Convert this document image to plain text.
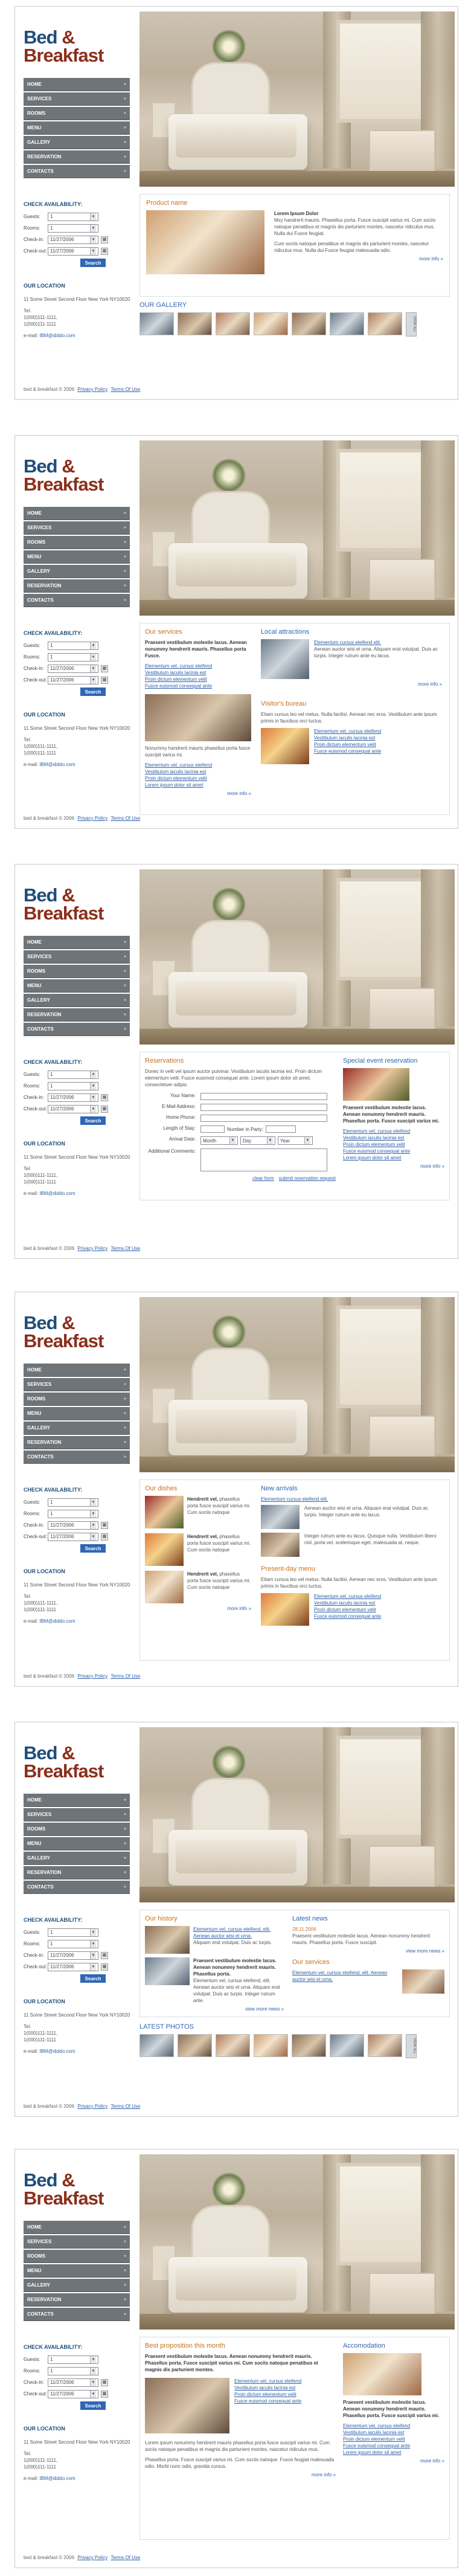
Bed &
Breakfast
HOME	»
SERVICES	»
ROOMS	»
MENU	»
GALLERY	»
RESERVATION	»
CONTACTS	»
CHECK AVAILABILITY:
Guests:	1	▼
Rooms:	1	▼
Check-in:	11/27/2006	▼	▦
Check-out: 11/27/2006	▼	▦
Search
OUR LOCATION

11 Some Street Second Floor New York NY10020

Tel.
1(000)111-1111,
1(000)111-1111

e-mail: IBM@diddo.com

Product name
Lorem Ipsum Dolor
Mxy handrerit mauris. Phasellus porta. Fusce suscipit varius mi. Cum sociis natoque penatibus et magnis dis parturient montes, nascetur ridiculus mus. Nulla dui Fusce feugiat.
Cum sociis natoque penatibus et magnis dis parturient montes, nascetur ridiculus mus. Nulla dui Fusce feugiat malesuada odio.
more info »
OUR GALLERY
VIEW ALL
bed & breakfast © 2006 Privacy Policy Terms Of Use
Bed &
Breakfast
HOME	»
SERVICES	»
ROOMS	»
MENU	»
GALLERY	»
RESERVATION	»
CONTACTS	»
CHECK AVAILABILITY:
Guests:	1	▼
Rooms:	1	▼
Check-in:	11/27/2006	▼	▦
Check-out: 11/27/2006	▼	▦
Search
OUR LOCATION

11 Some Street Second Floor New York NY10020

Tel.
1(000)111-1111,
1(000)111-1111

e-mail: IBM@diddo.com

Our services
Praesent vestibulum molestie lacus. Aenean nonummy hendrerit mauris. Phasellus porta Fusce.
Elementum vel, cursus eleifend
Vestibulum iaculis lacinia est
Proin dictum elementum velit
Fusce euismod consequat ante
Nonummy handrerit mauris phasellus porta fusce suscipit varius mi.
Elementum vel, cursus eleifend
Vestibulum iaculis lacinia est
Proin dictum elementum velit
Lorem ipsum dolor sit amet
more info »
Local attractions
Elementum cursus eleifend elit.
Aenean auctor wisi et urna. Aliquam erat volutpat. Duis ac turpis. Integer rutrum ante eu lacus.
more info »
Visitor's bureau
Etiam cursus leo vel metus. Nulla facilisi. Aenean nec eros. Vestibulum ante ipsum primis in faucibus orci luctus.
Elementum vel, cursus eleifend
Vestibulum iaculis lacinia est
Proin dictum elementum velit
Fusce euismod consequat ante
bed & breakfast © 2006 Privacy Policy Terms Of Use
Bed &
Breakfast
HOME	»
SERVICES	»
ROOMS	»
MENU	»
GALLERY	»
RESERVATION	»
CONTACTS	»
CHECK AVAILABILITY:
Guests:	1	▼
Rooms:	1	▼
Check-in:	11/27/2006	▼	▦
Check-out: 11/27/2006	▼	▦
Search
OUR LOCATION

11 Some Street Second Floor New York NY10020

Tel.
1(000)111-1111,
1(000)111-1111

e-mail: IBM@diddo.com

Reservations
Donec in velit vel ipsum auctor pulvinar. Vestibulum iaculis lacinia est. Proin dictum elementum velit. Fusce euismod consequat ante. Lorem ipsum dolor sit amet, consectetuer adipis.
Your Name:
E-Mail Address:
Home Phone:
Length of Stay:	Number in Party:
Arrival Date: Month	▼ Day	▼ Year	▼
Additional Comments:
clear form submit reservation request
Special event reservation
Praesent vestibulum molestie lacus. Aenean nonummy hendrerit mauris. Phasellus porta. Fusce suscipit varius mi.
Elementum vel, cursus eleifend
Vestibulum iaculis lacinia est
Proin dictum elementum velit
Fusce euismod consequat ante
Lorem ipsum dolor sit amet
more info »
bed & breakfast © 2006 Privacy Policy Terms Of Use
Bed &
Breakfast
HOME	»
SERVICES	»
ROOMS	»
MENU	»
GALLERY	»
RESERVATION	»
CONTACTS	»
CHECK AVAILABILITY:
Guests:	1	▼
Rooms:	1	▼
Check-in:	11/27/2006	▼	▦
Check-out: 11/27/2006	▼	▦
Search
OUR LOCATION

11 Some Street Second Floor New York NY10020

Tel.
1(000)111-1111,
1(000)111-1111

e-mail: IBM@diddo.com

Our dishes
Hendrerit vel, phasellus porta fusce suscipit varius mi. Cum sociis natoque
Hendrerit vel, phasellus porta fusce suscipit varius mi. Cum sociis natoque
Hendrerit vel, phasellus porta fusce suscipit varius mi. Cum sociis natoque
more info »
New arrivals
Elementum cursus eleifend elit.
Aenean auctor wisi et urna. Aliquam erat volutpat. Duis ac turpis. Integer rutrum ante eu lacus.
Integer rutrum ante eu lacus. Quisque nulla. Vestibulum libero nisl, porta vel, scelerisque eget, malesuada at, neque.
Present-day menu
Etiam cursus leo vel metus. Nulla facilisi. Aenean nec eros. Vestibulum ante ipsum primis in faucibus orci luctus.
Elementum vel, cursus eleifend
Vestibulum iaculis lacinia est
Proin dictum elementum velit
Fusce euismod consequat ante
bed & breakfast © 2006 Privacy Policy Terms Of Use
Bed &
Breakfast
HOME	»
SERVICES	»
ROOMS	»
MENU	»
GALLERY	»
RESERVATION	»
CONTACTS	»
CHECK AVAILABILITY:
Guests:	1	▼
Rooms:	1	▼
Check-in:	11/27/2006	▼	▦
Check-out: 11/27/2006	▼	▦
Search
OUR LOCATION

11 Some Street Second Floor New York NY10020

Tel.
1(000)111-1111,
1(000)111-1111

e-mail: IBM@diddo.com

Our history
Elementum vel, cursus eleifend, elit. Aenean auctor wisi et urna.
Aliquam erat volutpat. Duis ac turpis.
Praesent vestibulum molestie lacus. Aenean nonummy hendrerit mauris. Phasellus porta.
Elementum vel, cursus eleifend, elit. Aenean auctor wisi et urna. Aliquam erat volutpat. Duis ac turpis. Integer rutrum ante.
view more news »
Latest news
28.11.2006
Praesent vestibulum molestie lacus. Aenean nonummy hendrerit mauris. Phasellus porta. Fusce suscipit.
view more news »
Our services
Elementum vel, cursus eleifend, elit. Aenean auctor wisi et urna.
LATEST PHOTOS
VIEW ALL
bed & breakfast © 2006 Privacy Policy Terms Of Use
Bed &
Breakfast
HOME	»
SERVICES	»
ROOMS	»
MENU	»
GALLERY	»
RESERVATION	»
CONTACTS	»
CHECK AVAILABILITY:
Guests:	1	▼
Rooms:	1	▼
Check-in:	11/27/2006	▼	▦
Check-out: 11/27/2006	▼	▦
Search
OUR LOCATION

11 Some Street Second Floor New York NY10020

Tel.
1(000)111-1111,
1(000)111-1111

e-mail: IBM@diddo.com

Best proposition this month
Praesent vestibulum molestie lacus. Aenean nonummy hendrerit mauris. Phasellus porta. Fusce suscipit varius mi. Cum sociis natoque penatibus et magnis dis parturient montes.
Elementum vel, cursus eleifend
Vestibulum iaculis lacinia est
Proin dictum elementum velit
Fusce euismod consequat ante
Lorem ipsum nonummy hendrerit mauris phasellus porta fusce suscipit varius mi. Cum sociis natoque penatibus et magnis dis parturient montes, nascetur ridiculus mus.
Phasellus porta. Fusce suscipit varius mi. Cum sociis natoque. Fusce feugiat malesuada odio. Morbi nunc odio, gravida cursus.
more info »
Accomodation
Praesent vestibulum molestie lacus. Aenean nonummy hendrerit mauris. Phasellus porta. Fusce suscipit varius mi.
Elementum vel, cursus eleifend
Vestibulum iaculis lacinia est
Proin dictum elementum velit
Fusce euismod consequat ante
Lorem ipsum dolor sit amet
more info »
bed & breakfast © 2006 Privacy Policy Terms Of Use
